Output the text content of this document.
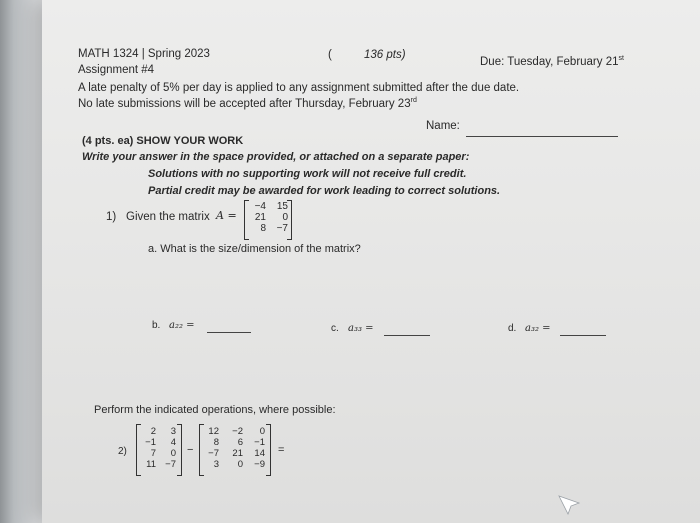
MATH 1324 | Spring 2023	(	136 pts)
Due: Tuesday, February 21st
Assignment #4
A late penalty of 5% per day is applied to any assignment submitted after the due date.
No late submissions will be accepted after Thursday, February 23rd
Name:
(4 pts. ea) SHOW YOUR WORK
Write your answer in the space provided, or attached on a separate paper:
Solutions with no supporting work will not receive full credit.
Partial credit may be awarded for work leading to correct solutions.
1) Given the matrix A =
−4	15
21	0
8	−7
a. What is the size/dimension of the matrix?
b. a₂₂ =	c. a₃₃ =	d. a₃₂ =
Perform the indicated operations, where possible:
2)
2	3
−1	4
7	0
11 −7
−
12	−2	0
8	6	−1
−7	21	14
3	0	−9
=
